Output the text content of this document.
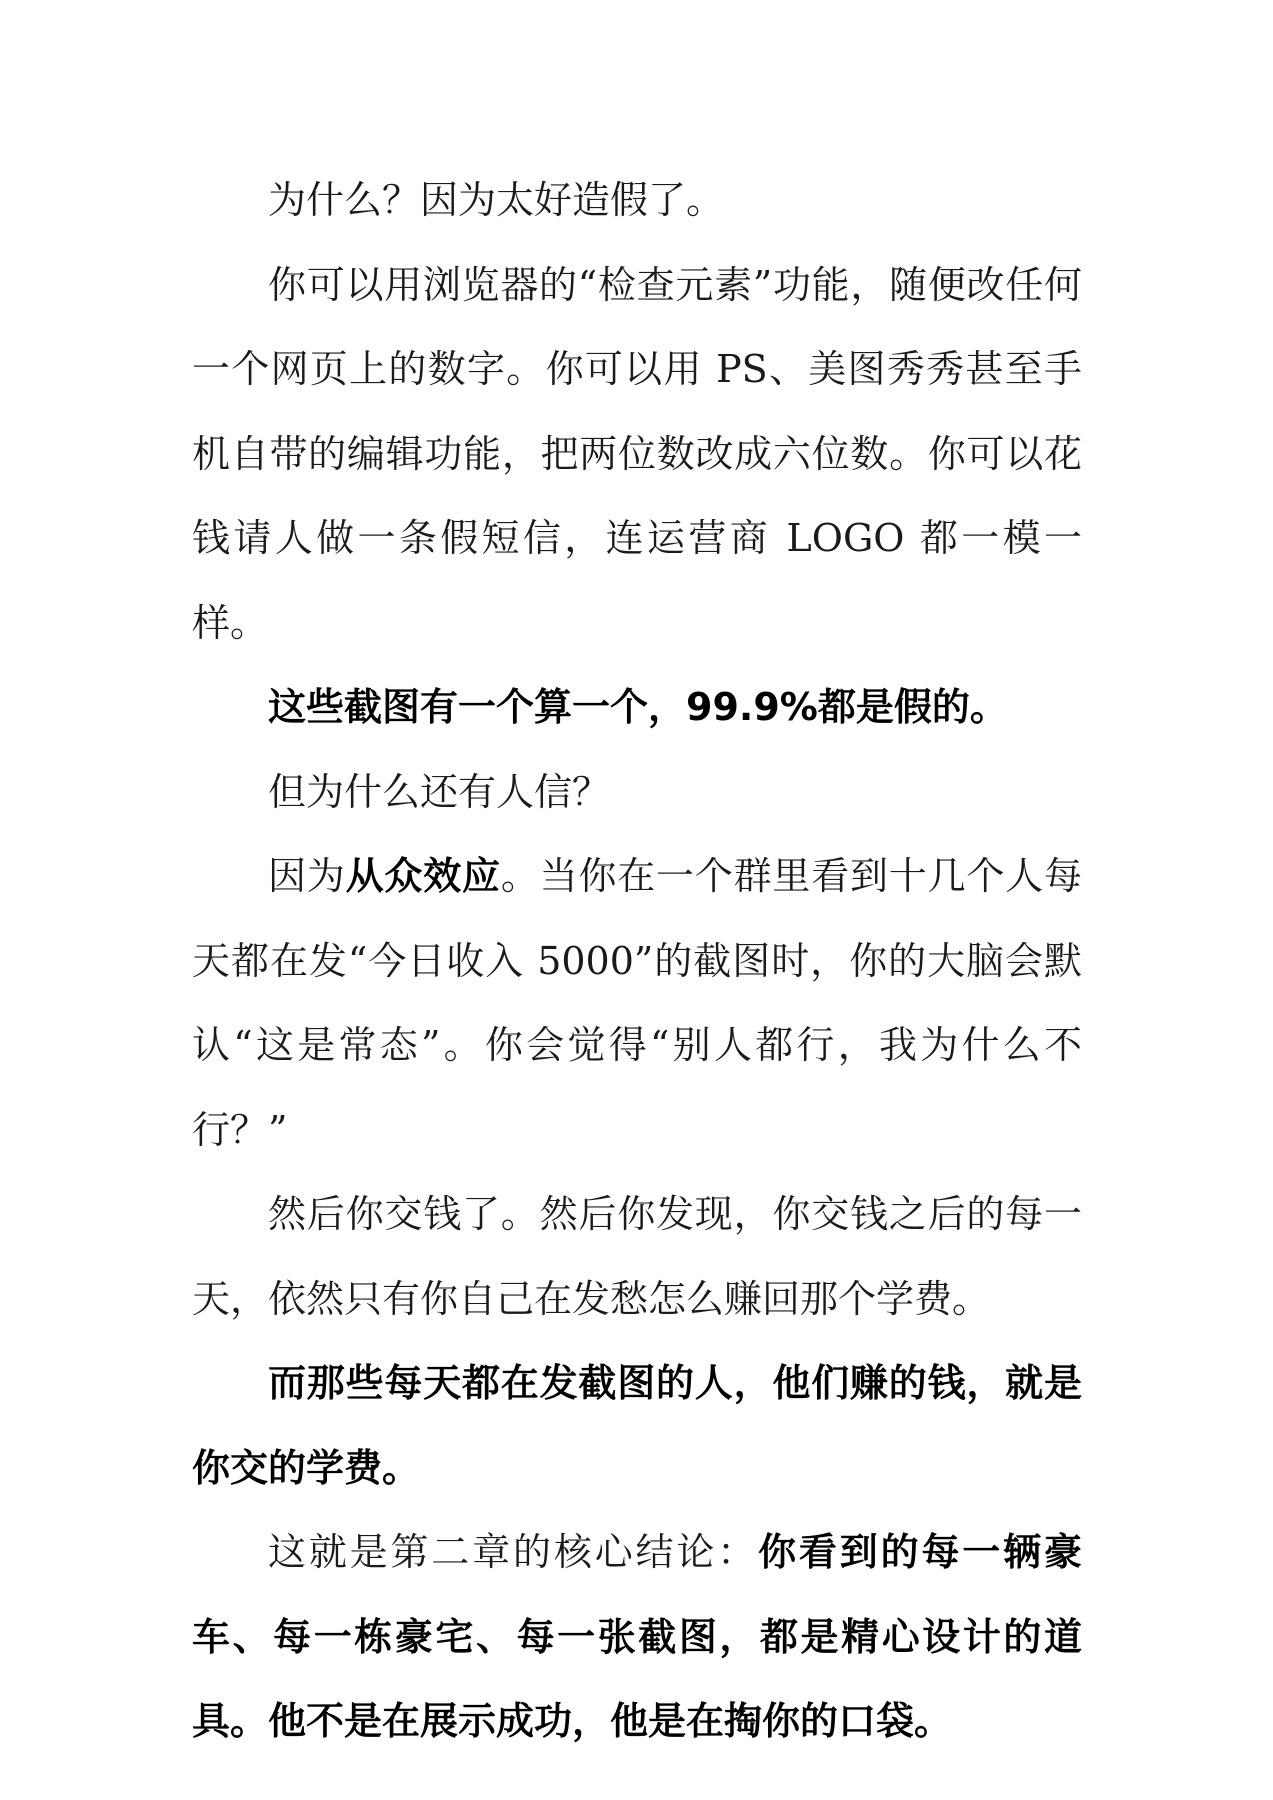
为什么？因为太好造假了。

你可以用浏览器的“检查元素”功能，随便改任何一个网页上的数字。你可以用 PS、美图秀秀甚至手机自带的编辑功能，把两位数改成六位数。你可以花钱请人做一条假短信，连运营商 LOGO 都一模一样。

这些截图有一个算一个，99.9%都是假的。

但为什么还有人信？

因为从众效应。当你在一个群里看到十几个人每天都在发“今日收入 5000”的截图时，你的大脑会默认“这是常态”。你会觉得“别人都行，我为什么不行？”

然后你交钱了。然后你发现，你交钱之后的每一天，依然只有你自己在发愁怎么赚回那个学费。

而那些每天都在发截图的人，他们赚的钱，就是你交的学费。

这就是第二章的核心结论：你看到的每一辆豪车、每一栋豪宅、每一张截图，都是精心设计的道具。他不是在展示成功，他是在掏你的口袋。
